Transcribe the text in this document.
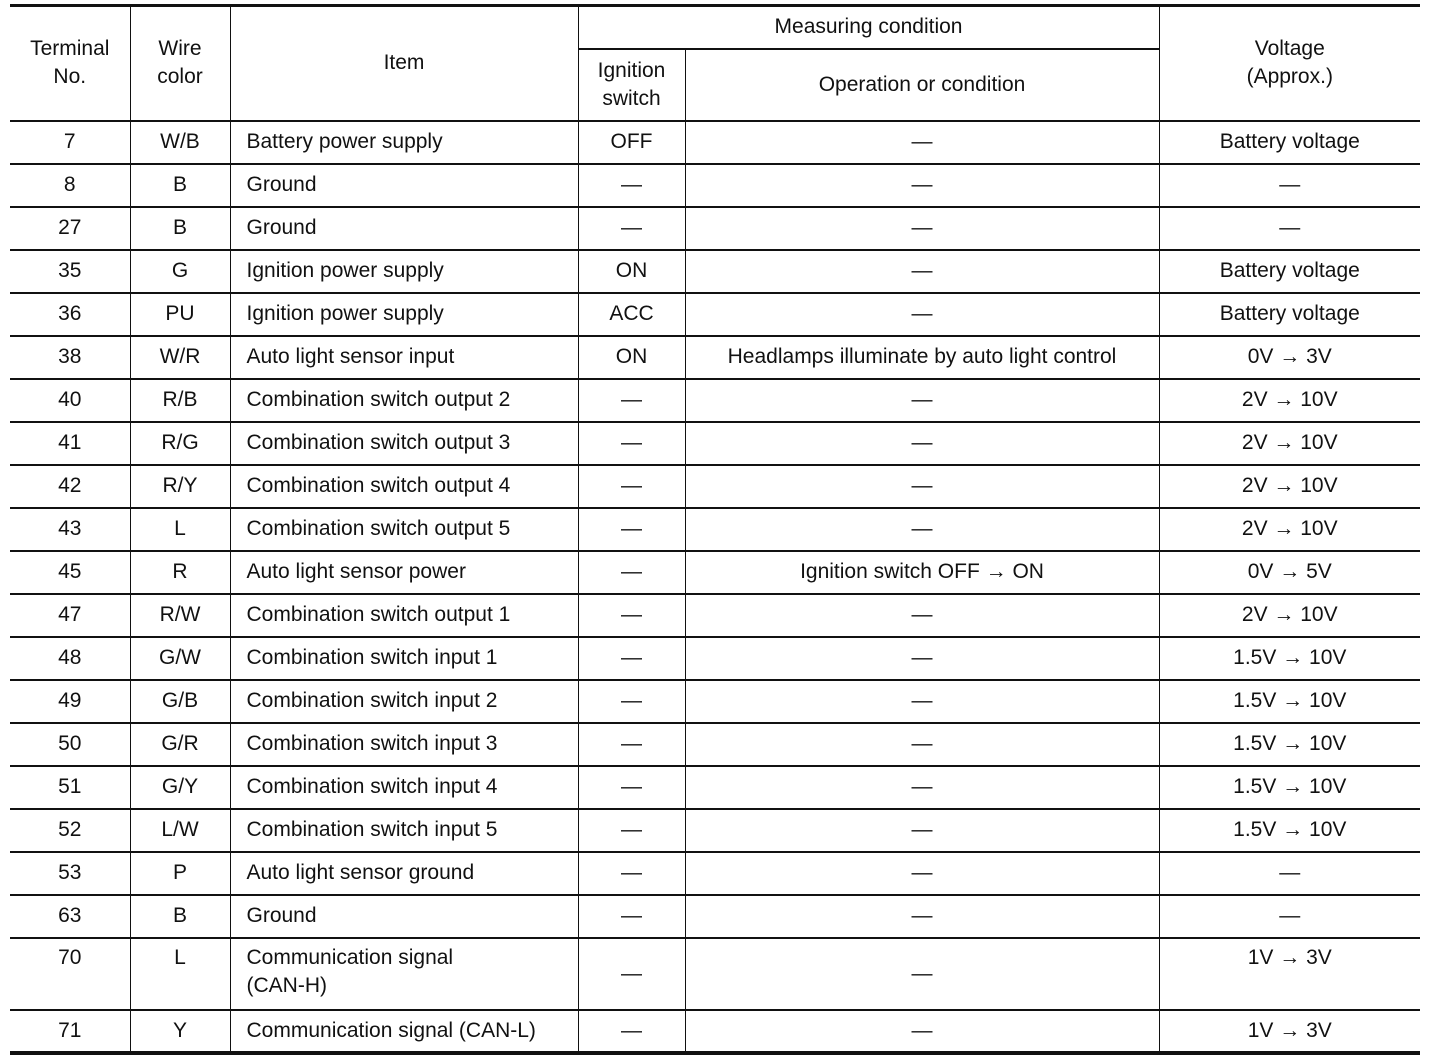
Terminal No.	Wire color	Item	Measuring condition		Voltage (Approx.)
			Ignition switch	Operation or condition	
7	W/B	Battery power supply	OFF	—	Battery voltage
8	B	Ground	—	—	—
27	B	Ground	—	—	—
35	G	Ignition power supply	ON	—	Battery voltage
36	PU	Ignition power supply	ACC	—	Battery voltage
38	W/R	Auto light sensor input	ON	Headlamps illuminate by auto light control	0V → 3V
40	R/B	Combination switch output 2	—	—	2V → 10V
41	R/G	Combination switch output 3	—	—	2V → 10V
42	R/Y	Combination switch output 4	—	—	2V → 10V
43	L	Combination switch output 5	—	—	2V → 10V
45	R	Auto light sensor power	—	Ignition switch OFF → ON	0V → 5V
47	R/W	Combination switch output 1	—	—	2V → 10V
48	G/W	Combination switch input 1	—	—	1.5V → 10V
49	G/B	Combination switch input 2	—	—	1.5V → 10V
50	G/R	Combination switch input 3	—	—	1.5V → 10V
51	G/Y	Combination switch input 4	—	—	1.5V → 10V
52	L/W	Combination switch input 5	—	—	1.5V → 10V
53	P	Auto light sensor ground	—	—	—
63	B	Ground	—	—	—
70	L	Communication signal (CAN-H)	—	—	1V → 3V
71	Y	Communication signal (CAN-L)	—	—	1V → 3V
